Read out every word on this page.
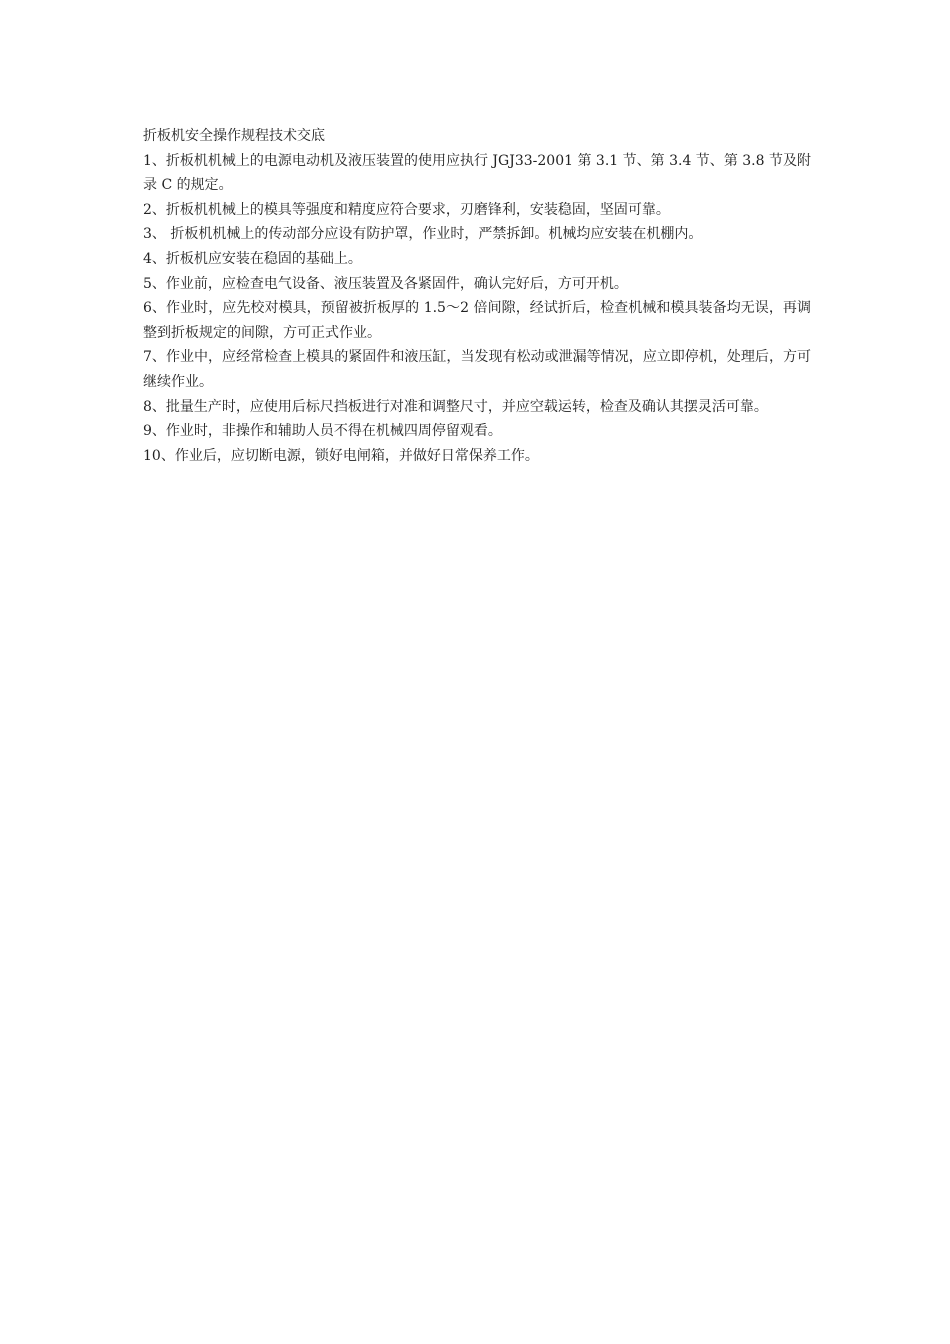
折板机安全操作规程技术交底

1、折板机机械上的电源电动机及液压装置的使用应执行 JGJ33-2001 第 3.1 节、第 3.4 节、第 3.8 节及附录 C 的规定。

2、折板机机械上的模具等强度和精度应符合要求，刃磨锋利，安装稳固，坚固可靠。

3、 折板机机械上的传动部分应设有防护罩，作业时，严禁拆卸。机械均应安装在机棚内。

4、折板机应安装在稳固的基础上。

5、作业前，应检查电气设备、液压装置及各紧固件，确认完好后，方可开机。

6、作业时，应先校对模具，预留被折板厚的 1.5～2 倍间隙，经试折后，检查机械和模具装备均无误，再调整到折板规定的间隙，方可正式作业。

7、作业中，应经常检查上模具的紧固件和液压缸，当发现有松动或泄漏等情况，应立即停机，处理后，方可继续作业。

8、批量生产时，应使用后标尺挡板进行对准和调整尺寸，并应空载运转，检查及确认其摆灵活可靠。

9、作业时，非操作和辅助人员不得在机械四周停留观看。

10、作业后，应切断电源，锁好电闸箱，并做好日常保养工作。
